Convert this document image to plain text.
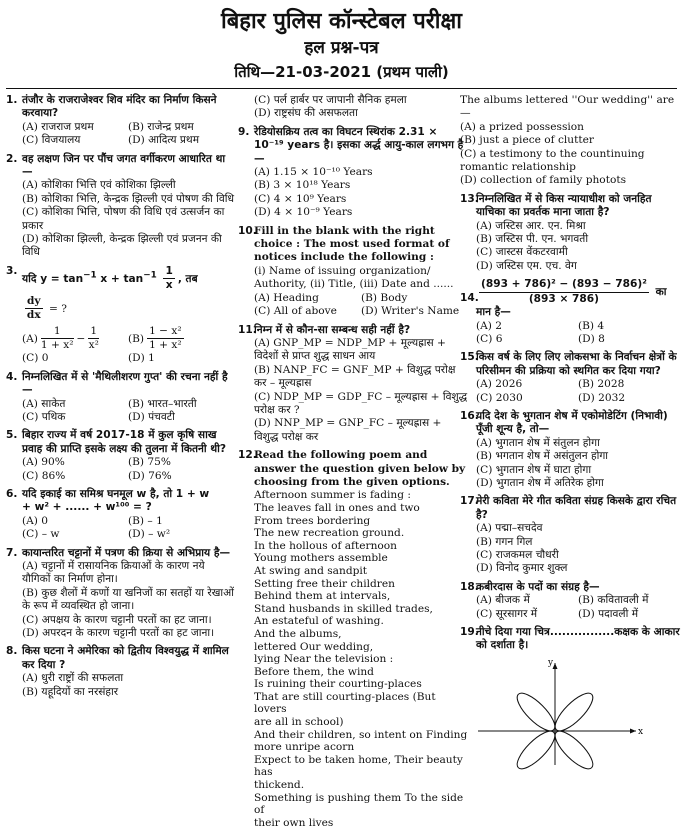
बिहार पुलिस कॉन्स्टेबल परीक्षा
हल प्रश्न-पत्र
तिथि—21-03-2021 (प्रथम पाली)
1. तंजौर के राजराजेश्वर शिव मंदिर का निर्माण किसने करवाया?
(A) राजराज प्रथम	(B) राजेन्द्र प्रथम
(C) विजयालय	(D) आदित्य प्रथम
2. वह लक्षण जिन पर पौंच जगत वर्गीकरण आधारित था—
(A) कोशिका भित्ति एवं कोशिका झिल्ली
(B) कोशिका भित्ति, केन्द्रक झिल्ली एवं पोषण की विधि
(C) कोशिका भित्ति, पोषण की विधि एवं उत्सर्जन का प्रकार
(D) कोशिका झिल्ली, केन्द्रक झिल्ली एवं प्रजनन की विधि
3.
यदि $y = \tan^{-1} x + \tan^{-1} \frac{1}{x}$ , तब
$\frac{dy}{dx}$ = ?
$(A) \frac{1}{\text{1 + x²}} - \frac{1}{\text{x²}}$	$(B) \frac{\text{1 − x²}}{\text{1 + x²}}$
(C) 0	(D) 1
4. निम्नलिखित में से 'मैथिलीशरण गुप्त' की रचना नहीं है—
(A) साकेत	(B) भारत–भारती
(C) पथिक	(D) पंचवटी
5. बिहार राज्य में वर्ष 2017-18 में कुल कृषि साख प्रवाह की प्राप्ति इसके लक्ष्य की तुलना में कितनी थी?
(A) 90%	(B) 75%
(C) 86%	(D) 76%
6. यदि इकाई का समिश्र घनमूल w है, तो 1 + w
+ w² + ...... + w¹⁰⁰ = ?
(A) 0	(B) – 1
(C) – w	(D) – w²
7. कायान्तरित चट्टानों में पत्रण की क्रिया से अभिप्राय है—
(A) चट्टानों में रासायनिक क्रियाओं के कारण नये यौगिकों का निर्माण होना।
(B) कुछ शैलों में कणों या खनिजों का सतहों या रेखाओं के रूप में व्यवस्थित हो जाना।
(C) अपक्षय के कारण चट्टानी परतों का हट जाना।
(D) अपरदन के कारण चट्टानी परतों का हट जाना।
8. किस घटना ने अमेरिका को द्वितीय विश्वयुद्ध में शामिल कर दिया ?
(A) धुरी राष्ट्रों की सफलता
(B) यहूदियों का नरसंहार
(C) पर्ल हार्बर पर जापानी सैनिक हमला
(D) राष्ट्रसंघ की असफलता
9. रेडियोसक्रिय तत्व का विघटन स्थिरांक 2.31 × 10⁻¹⁹ years है। इसका अर्द्ध आयु-काल लगभग है—
(A) 1.15 × 10⁻¹⁰ Years
(B) 3 × 10¹⁸ Years
(C) 4 × 10⁹ Years
(D) 4 × 10⁻⁹ Years
10.
Fill in the blank with the right choice : The most used format of notices include the following :
(i) Name of issuing organization/ Authority, (ii) Title, (iii) Date and ......
(A) Heading	(B) Body
(C) All of above	(D) Writer's Name
11.
निम्न में से कौन-सा सम्बन्ध सही नहीं है?
(A) GNP_MP = NDP_MP + मूल्यह्रास + विदेशों से प्राप्त शुद्ध साधन आय
(B) NANP_FC = GNF_MP + विशुद्ध परोक्ष कर – मूल्यह्रास
(C) NDP_MP = GDP_FC – मूल्यह्रास + विशुद्ध परोक्ष कर ?
(D) NNP_MP = GNP_FC – मूल्यह्रास + विशुद्ध परोक्ष कर
12.
Read the following poem and answer the question given below by choosing from the given options.
Afternoon summer is fading :
The leaves fall in ones and two
From trees bordering
The new recreation ground.
In the hollous of afternoon
Young mothers assemble
At swing and sandpit
Setting free their children
Behind them at intervals,
Stand husbands in skilled trades,
An estateful of washing.
And the albums,
lettered Our wedding,
lying Near the television :
Before them, the wind
Is ruining their courting-places
That are still courting-places (But lovers
are all in school)
And their children, so intent on Finding
more unripe acorn
Expect to be taken home, Their beauty has
thickend.
Something is pushing them To the side of
their own lives
The albums lettered ''Our wedding'' are—
(A) a prized possession
(B) just a piece of clutter
(C) a testimony to the countinuing romantic relationship
(D) collection of family photots
13.
निम्नलिखित में से किस न्यायाधीश को जनहित याचिका का प्रवर्तक माना जाता है?
(A) जस्टिस आर. एन. मिश्रा
(B) जस्टिस पी. एन. भगवती
(C) जास्टस वेंकटरवामी
(D) जस्टिस एम. एच. वेग
14. $\frac{\text{(893 + 786)² − (893 − 786)²}}{(893 \times 786)}$ का मान है—
(A) 2	(B) 4
(C) 6	(D) 8
15.
किस वर्ष के लिए लिए लोकसभा के निर्वाचन क्षेत्रों के परिसीमन की प्रक्रिया को स्थगित कर दिया गया?
(A) 2026	(B) 2028
(C) 2030	(D) 2032
16.
यदि देश के भुगतान शेष में एकोमोडेटिंग (निभावी) पूँजी शून्य है, तो—
(A) भुगतान शेष में संतुलन होगा
(B) भगतान शेष में असंतुलन होगा
(C) भुगतान शेष में घाटा होगा
(D) भुगतान शेष में अतिरेक होगा
17.
मेरी कविता मेरे गीत कविता संग्रह किसके द्वारा रचित है?
(A) पद्मा–सचदेव
(B) गगन गिल
(C) राजकमल चौधरी
(D) विनोद कुमार शुक्ल
18.
कबीरदास के पदों का संग्रह है—
(A) बीजक में	(B) कवितावली में
(C) सूरसागर में	(D) पदावली में
19.
नीचे दिया गया चित्र................कक्षक के आकार को दर्शाता है।
y
x
